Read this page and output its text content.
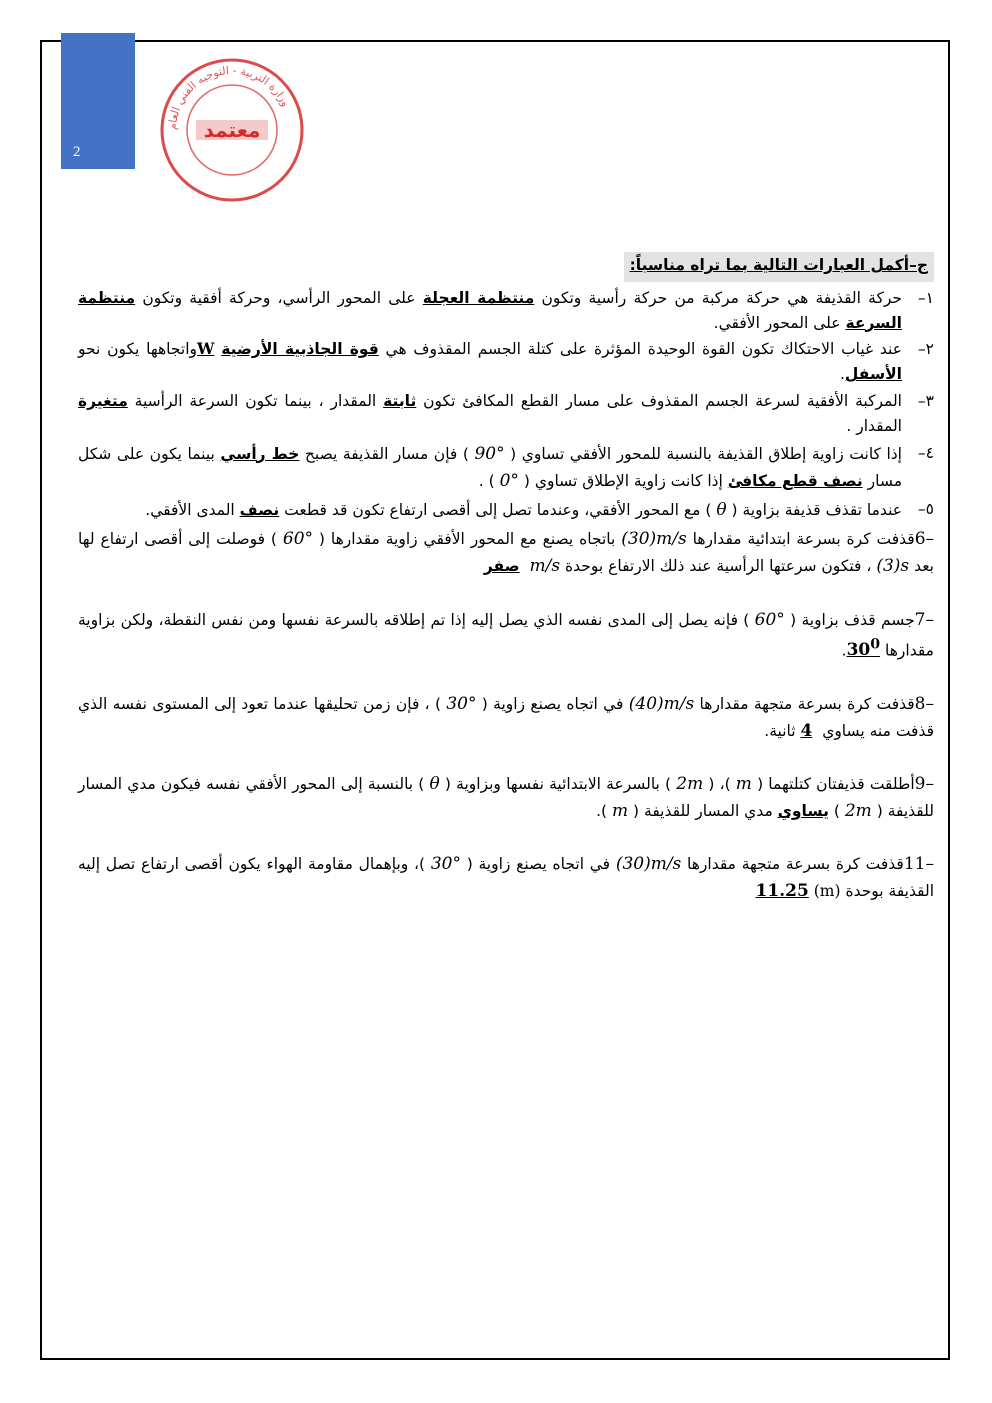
2
وزارة التربية - التوجيه الفني العام
معتمد
ج–أكمل العبارات التالية بما تراه مناسباً:
١–
حركة القذيفة هي حركة مركبة من حركة رأسية وتكون منتظمة العجلة على المحور الرأسي، وحركة أفقية وتكون منتظمة السرعة على المحور الأفقي.
٢–
عند غياب الاحتكاك تكون القوة الوحيدة المؤثرة على كتلة الجسم المقذوف هي قوة الجاذبية الأرضية Wواتجاهها يكون نحو الأسفل.
٣–
المركبة الأفقية لسرعة الجسم المقذوف على مسار القطع المكافئ تكون ثابتة المقدار ، بينما تكون السرعة الرأسية متغيرة المقدار .
٤–
إذا كانت زاوية إطلاق القذيفة بالنسبة للمحور الأفقي تساوي ( 90° ) فإن مسار القذيفة يصبح خط رأسي بينما يكون على شكل مسار نصف قطع مكافئ إذا كانت زاوية الإطلاق تساوي ( 0° ) .
٥–
عندما تقذف قذيفة بزاوية ( θ ) مع المحور الأفقي، وعندما تصل إلى أقصى ارتفاع تكون قد قطعت نصف المدى الأفقي.
6–قذفت كرة بسرعة ابتدائية مقدارها (30)m/s باتجاه يصنع مع المحور الأفقي زاوية مقدارها ( 60° ) فوصلت إلى أقصى ارتفاع لها بعد (3)s ، فتكون سرعتها الرأسية عند ذلك الارتفاع بوحدة m/s  صفر
7–جسم قذف بزاوية ( 60° ) فإنه يصل إلى المدى نفسه الذي يصل إليه إذا تم إطلاقه بالسرعة نفسها ومن نفس النقطة، ولكن بزاوية مقدارها $30^0$.
8–قذفت كرة بسرعة متجهة مقدارها (40)m/s في اتجاه يصنع زاوية ( 30° ) ، فإن زمن تحليقها عندما تعود إلى المستوى نفسه الذي قذفت منه يساوي  4 ثانية.
9–أطلقت قذيفتان كتلتهما ( m )، ( 2m ) بالسرعة الابتدائية نفسها وبزاوية ( θ ) بالنسبة إلى المحور الأفقي نفسه فيكون مدي المسار للقذيفة ( 2m ) يساوي مدي المسار للقذيفة ( m ).
11–قذفت كرة بسرعة متجهة مقدارها (30)m/s في اتجاه يصنع زاوية ( 30° )، وبإهمال مقاومة الهواء يكون أقصى ارتفاع تصل إليه القذيفة بوحدة (m) 11.25
